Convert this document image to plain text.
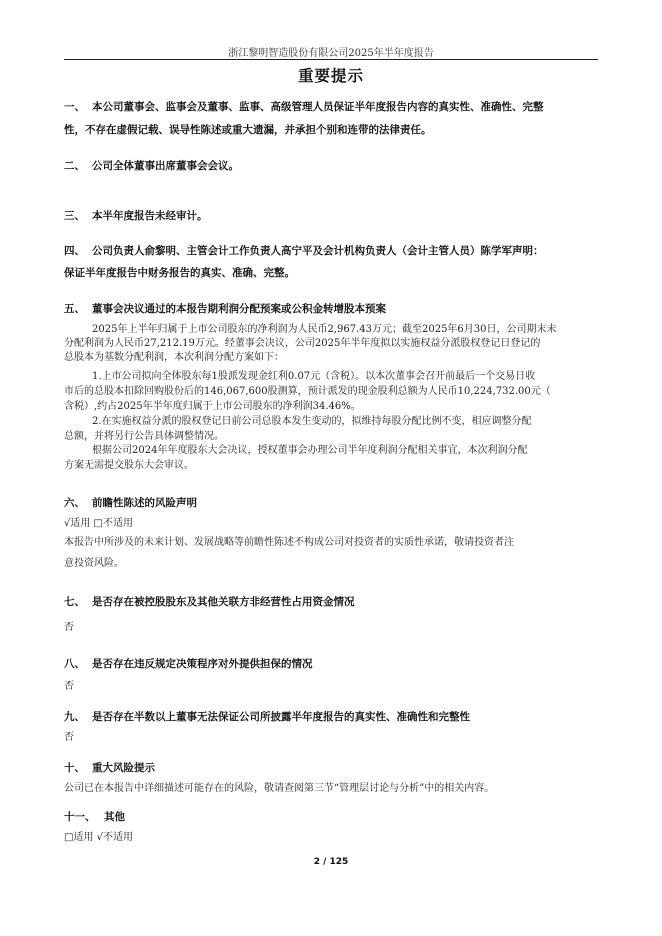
浙江黎明智造股份有限公司2025年半年度报告
重要提示
一、 本公司董事会、监事会及董事、监事、高级管理人员保证半年度报告内容的真实性、准确性、完整
性，不存在虚假记载、误导性陈述或重大遗漏，并承担个别和连带的法律责任。
二、 公司全体董事出席董事会会议。
三、 本半年度报告未经审计。
四、 公司负责人俞黎明、主管会计工作负责人高宁平及会计机构负责人（会计主管人员）陈学军声明：
保证半年度报告中财务报告的真实、准确、完整。
五、 董事会决议通过的本报告期利润分配预案或公积金转增股本预案
2025年上半年归属于上市公司股东的净利润为人民币2,967.43万元；截至2025年6月30日，公司期末未
分配利润为人民币27,212.19万元。经董事会决议，公司2025年半年度拟以实施权益分派股权登记日登记的
总股本为基数分配利润，本次利润分配方案如下：
1.上市公司拟向全体股东每1股派发现金红利0.07元（含税）。以本次董事会召开前最后一个交易日收
市后的总股本扣除回购股份后的146,067,600股测算，预计派发的现金股利总额为人民币10,224,732.00元（
含税）,约占2025年半年度归属于上市公司股东的净利润34.46%。
2.在实施权益分派的股权登记日前公司总股本发生变动的，拟维持每股分配比例不变，相应调整分配
总额，并将另行公告具体调整情况。
根据公司2024年年度股东大会决议，授权董事会办理公司半年度利润分配相关事宜，本次利润分配
方案无需提交股东大会审议。
六、 前瞻性陈述的风险声明
√适用 □不适用
本报告中所涉及的未来计划、发展战略等前瞻性陈述不构成公司对投资者的实质性承诺，敬请投资者注
意投资风险。
七、 是否存在被控股股东及其他关联方非经营性占用资金情况
否
八、 是否存在违反规定决策程序对外提供担保的情况
否
九、 是否存在半数以上董事无法保证公司所披露半年度报告的真实性、准确性和完整性
否
十、 重大风险提示
公司已在本报告中详细描述可能存在的风险，敬请查阅第三节“管理层讨论与分析”中的相关内容。
十一、 其他
□适用 √不适用
2 / 125
